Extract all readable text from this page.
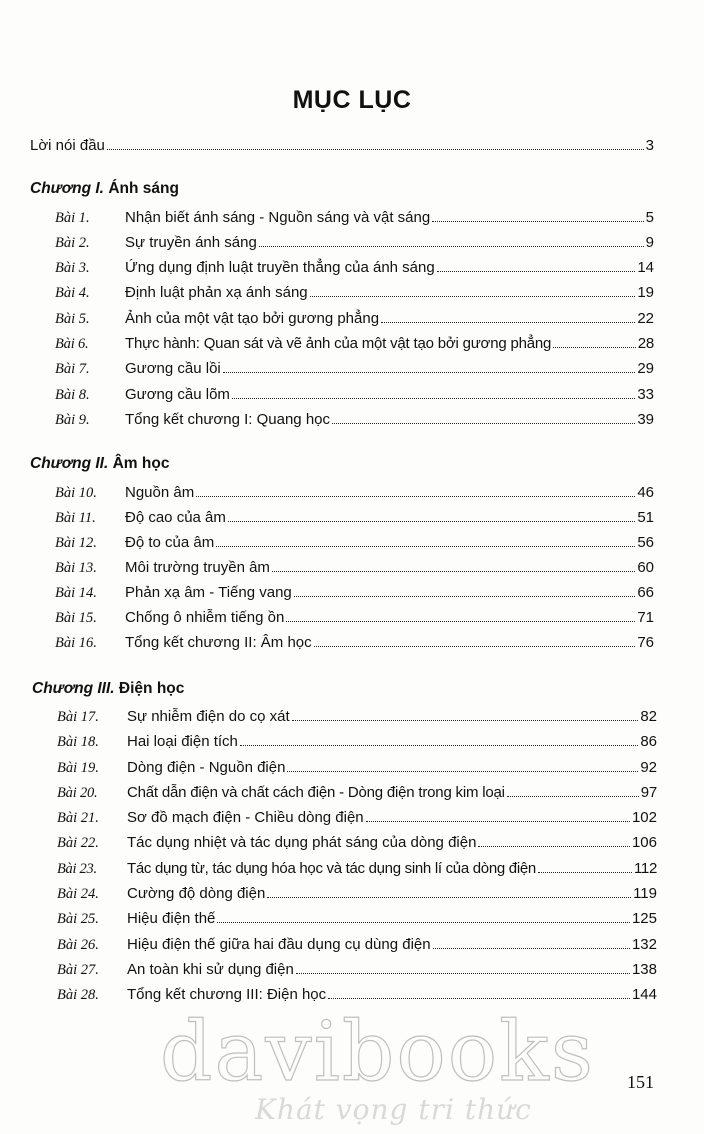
MỤC LỤC
Lời nói đầu	3
Chương I. Ánh sáng
Bài 1.	Nhận biết ánh sáng - Nguồn sáng và vật sáng	5
Bài 2.	Sự truyền ánh sáng	9
Bài 3.	Ứng dụng định luật truyền thẳng của ánh sáng	14
Bài 4.	Định luật phản xạ ánh sáng	19
Bài 5.	Ảnh của một vật tạo bởi gương phẳng	22
Bài 6.	Thực hành: Quan sát và vẽ ảnh của một vật tạo bởi gương phẳng	28
Bài 7.	Gương cầu lồi	29
Bài 8.	Gương cầu lõm	33
Bài 9.	Tổng kết chương I: Quang học	39
Chương II. Âm học
Bài 10.	Nguồn âm	46
Bài 11.	Độ cao của âm	51
Bài 12.	Độ to của âm	56
Bài 13.	Môi trường truyền âm	60
Bài 14.	Phản xạ âm - Tiếng vang	66
Bài 15.	Chống ô nhiễm tiếng ồn	71
Bài 16.	Tổng kết chương II: Âm học	76
Chương III. Điện học
Bài 17.	Sự nhiễm điện do cọ xát	82
Bài 18.	Hai loại điện tích	86
Bài 19.	Dòng điện - Nguồn điện	92
Bài 20.	Chất dẫn điện và chất cách điện - Dòng điện trong kim loại	97
Bài 21.	Sơ đồ mạch điện - Chiều dòng điện	102
Bài 22.	Tác dụng nhiệt và tác dụng phát sáng của dòng điện	106
Bài 23.	Tác dụng từ, tác dụng hóa học và tác dụng sinh lí của dòng điện	112
Bài 24.	Cường độ dòng điện	119
Bài 25.	Hiệu điện thế	125
Bài 26.	Hiệu điện thế giữa hai đầu dụng cụ dùng điện	132
Bài 27.	An toàn khi sử dụng điện	138
Bài 28.	Tổng kết chương III: Điện học	144
davibooks
Khát vọng tri thức
151
